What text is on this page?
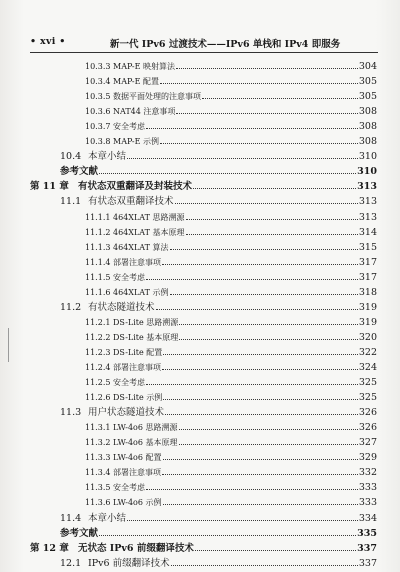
• xvi •	新一代 IPv6 过渡技术——IPv6 单栈和 IPv4 即服务
10.3.3 MAP-E 映射算法	304
10.3.4 MAP-E 配置	305
10.3.5 数据平面处理的注意事项	305
10.3.6 NAT44 注意事项	308
10.3.7 安全考虑	308
10.3.8 MAP-E 示例	308
10.4 本章小结	310
参考文献	310
第 11 章 有状态双重翻译及封装技术	313
11.1 有状态双重翻译技术	313
11.1.1 464XLAT 思路溯源	313
11.1.2 464XLAT 基本原理	314
11.1.3 464XLAT 算法	315
11.1.4 部署注意事项	317
11.1.5 安全考虑	317
11.1.6 464XLAT 示例	318
11.2 有状态隧道技术	319
11.2.1 DS-Lite 思路溯源	319
11.2.2 DS-Lite 基本原理	320
11.2.3 DS-Lite 配置	322
11.2.4 部署注意事项	324
11.2.5 安全考虑	325
11.2.6 DS-Lite 示例	325
11.3 用户状态隧道技术	326
11.3.1 LW-4o6 思路溯源	326
11.3.2 LW-4o6 基本原理	327
11.3.3 LW-4o6 配置	329
11.3.4 部署注意事项	332
11.3.5 安全考虑	333
11.3.6 LW-4o6 示例	333
11.4 本章小结	334
参考文献	335
第 12 章 无状态 IPv6 前缀翻译技术	337
12.1 IPv6 前缀翻译技术	337
